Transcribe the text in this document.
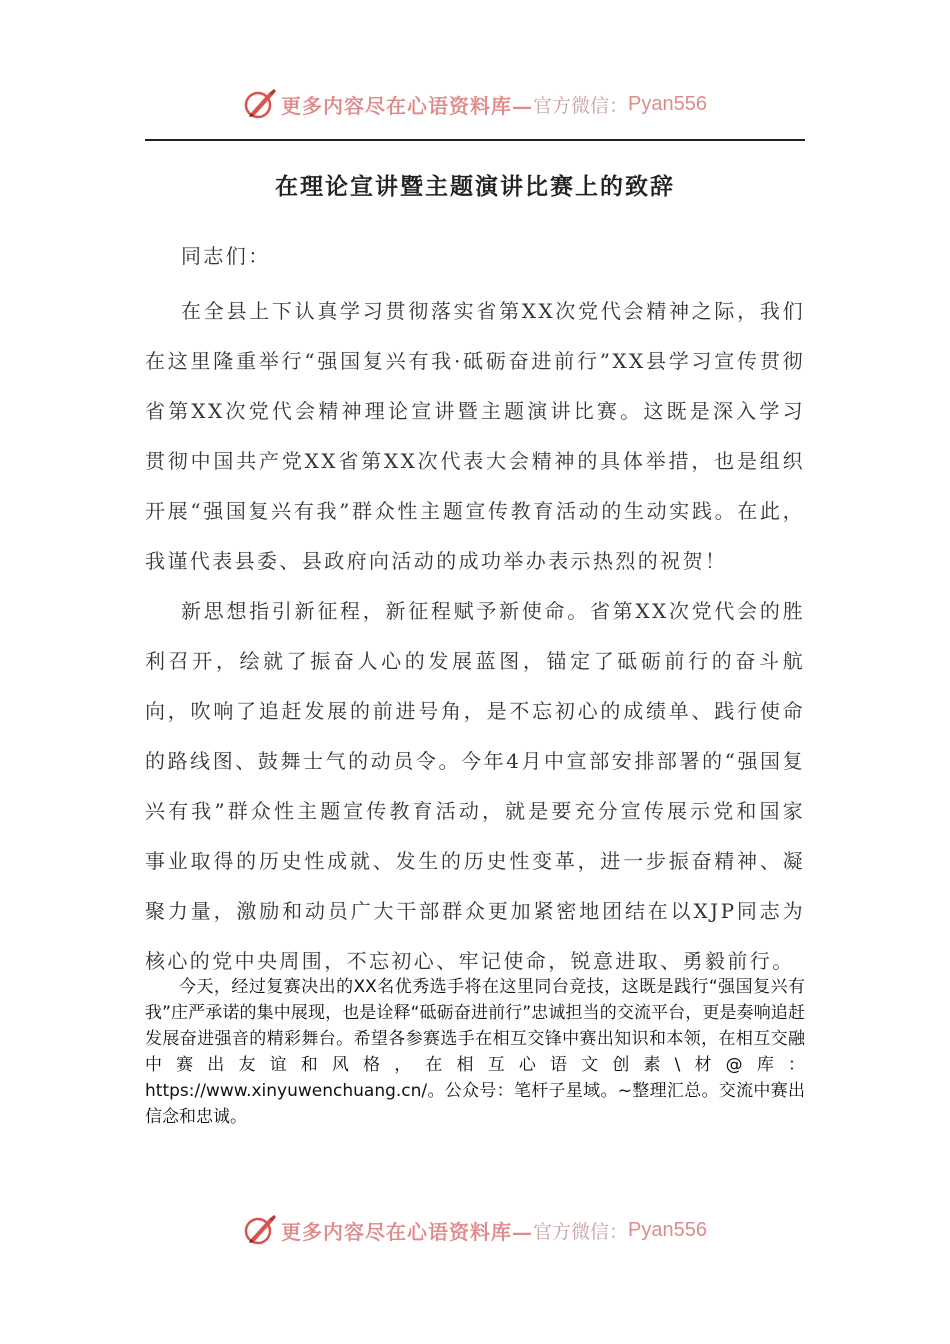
更多内容尽在心语资料库— 官方微信： Pyan556
在理论宣讲暨主题演讲比赛上的致辞

同志们：

在全县上下认真学习贯彻落实省第XX次党代会精神之际，我们在这里隆重举行“强国复兴有我·砥砺奋进前行”XX县学习宣传贯彻省第XX次党代会精神理论宣讲暨主题演讲比赛。这既是深入学习贯彻中国共产党XX省第XX次代表大会精神的具体举措，也是组织开展“强国复兴有我”群众性主题宣传教育活动的生动实践。在此，我谨代表县委、县政府向活动的成功举办表示热烈的祝贺！

新思想指引新征程，新征程赋予新使命。省第XX次党代会的胜利召开，绘就了振奋人心的发展蓝图，锚定了砥砺前行的奋斗航向，吹响了追赶发展的前进号角，是不忘初心的成绩单、践行使命的路线图、鼓舞士气的动员令。今年4月中宣部安排部署的“强国复兴有我”群众性主题宣传教育活动，就是要充分宣传展示党和国家事业取得的历史性成就、发生的历史性变革，进一步振奋精神、凝聚力量，激励和动员广大干部群众更加紧密地团结在以XJP同志为核心的党中央周围，不忘初心、牢记使命，锐意进取、勇毅前行。

今天，经过复赛决出的XX名优秀选手将在这里同台竞技，这既是践行“强国复兴有我”庄严承诺的集中展现，也是诠释“砥砺奋进前行”忠诚担当的交流平台，更是奏响追赶发展奋进强音的精彩舞台。希望各参赛选手在相互交锋中赛出知识和本领，在相互交融中赛出友谊和风格，在相互心语文创素\材@库：https://www.xinyuwenchuang.cn/。公众号：笔杆子星域。~整理汇总。交流中赛出信念和忠诚。

更多内容尽在心语资料库— 官方微信： Pyan556
